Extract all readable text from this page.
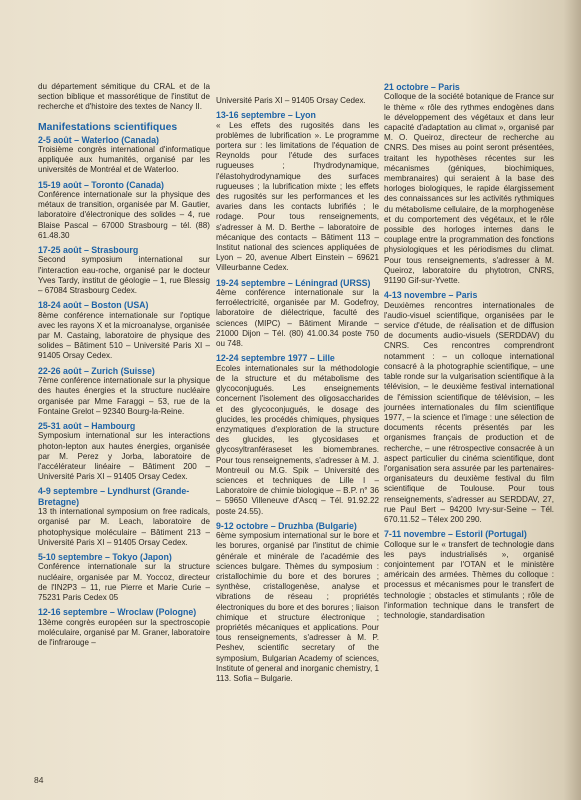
du département sémitique du CRAL et de la section biblique et massorétique de l'institut de recherche et d'histoire des textes de Nancy II.

Manifestations scientifiques

2-5 août – Waterloo (Canada)

Troisième congrès international d'informatique appliquée aux humanités, organisé par les universités de Montréal et de Waterloo.

15-19 août – Toronto (Canada)

Conférence internationale sur la physique des métaux de transition, organisée par M. Gautier, laboratoire d'électronique des solides – 4, rue Blaise Pascal – 67000 Strasbourg – tél. (88) 61.48.30

17-25 août – Strasbourg

Second symposium international sur l'interaction eau-roche, organisé par le docteur Yves Tardy, institut de géologie – 1, rue Blessig – 67084 Strasbourg Cedex.

18-24 août – Boston (USA)

8ème conférence internationale sur l'optique avec les rayons X et la microanalyse, organisée par M. Castaing, laboratoire de physique des solides – Bâtiment 510 – Université Paris XI – 91405 Orsay Cedex.

22-26 août – Zurich (Suisse)

7ème conférence internationale sur la physique des hautes énergies et la structure nucléaire organisée par Mme Faraggi – 53, rue de la Fontaine Grelot – 92340 Bourg-la-Reine.

25-31 août – Hambourg

Symposium international sur les interactions photon-lepton aux hautes énergies, organisée par M. Perez y Jorba, laboratoire de l'accélérateur linéaire – Bâtiment 200 – Université Paris XI – 91405 Orsay Cedex.

4-9 septembre – Lyndhurst (Grande-Bretagne)

13 th international symposium on free radicals, organisé par M. Leach, laboratoire de photophysique moléculaire – Bâtiment 213 – Université Paris XI – 91405 Orsay Cedex.

5-10 septembre – Tokyo (Japon)

Conférence internationale sur la structure nucléaire, organisée par M. Yoccoz, directeur de l'IN2P3 – 11, rue Pierre et Marie Curie – 75231 Paris Cedex 05

12-16 septembre – Wroclaw (Pologne)

13ème congrès européen sur la spectroscopie moléculaire, organisé par M. Graner, laboratoire de l'infrarouge –

Université Paris XI – 91405 Orsay Cedex.

13-16 septembre – Lyon

« Les effets des rugosités dans les problèmes de lubrification ». Le programme portera sur : les limitations de l'équation de Reynolds pour l'étude des surfaces rugueuses ; l'hydrodynamique, l'élastohydrodynamique des surfaces rugueuses ; la lubrification mixte ; les effets des rugosités sur les performances et les avaries dans les contacts lubrifiés ; le rodage. Pour tous renseignements, s'adresser à M. D. Berthe – laboratoire de mécanique des contacts – Bâtiment 113 – Institut national des sciences appliquées de Lyon – 20, avenue Albert Einstein – 69621 Villeurbanne Cedex.

19-24 septembre – Léningrad (URSS)

4ème conférence internationale sur la ferroélectricité, organisée par M. Godefroy, laboratoire de diélectrique, faculté des sciences (MIPC) – Bâtiment Mirande – 21000 Dijon – Tél. (80) 41.00.34 poste 750 ou 748.

12-24 septembre 1977 – Lille

Ecoles internationales sur la méthodologie de la structure et du métabolisme des glycoconjugués. Les enseignements concernent l'isolement des oligosaccharides et des glycoconjugués, le dosage des glucides, les procédés chimiques, physiques enzymatiques d'exploration de la structure des glucides, les glycosidases et glycosyltranféraseset les biomembranes. Pour tous renseignements, s'adresser à M. J. Montreuil ou M.G. Spik – Université des sciences et techniques de Lille I – Laboratoire de chimie biologique – B.P. n° 36 – 59650 Villeneuve d'Ascq – Tél. 91.92.22 poste 24.55).

9-12 octobre – Druzhba (Bulgarie)

6ème symposium international sur le bore et les borures, organisé par l'institut de chimie générale et minérale de l'académie des sciences bulgare. Thèmes du symposium : cristallochimie du bore et des borures ; synthèse, cristallogenèse, analyse et vibrations de réseau ; propriétés électroniques du bore et des borures ; liaison chimique et structure électronique ; propriétés mécaniques et applications. Pour tous renseignements, s'adresser à M. P. Peshev, scientific secretary of the symposium, Bulgarian Academy of sciences, Institute of general and inorganic chemistry, 1 113. Sofia – Bulgarie.

21 octobre – Paris

Colloque de la société botanique de France sur le thème « rôle des rythmes endogènes dans le développement des végétaux et dans leur capacité d'adaptation au climat », organisé par M. O. Queiroz, directeur de recherche au CNRS. Des mises au point seront présentées, traitant les hypothèses récentes sur les mécanismes (géniques, biochimiques, membranaires) qui seraient à la base des horloges biologiques, le rapide élargissement des connaissances sur les activités rythmiques du métabolisme cellulaire, de la morphogenèse et du comportement des végétaux, et le rôle possible des horloges internes dans le couplage entre la programmation des fonctions physiologiques et les périodismes du climat. Pour tous renseignements, s'adresser à M. Queiroz, laboratoire du phytotron, CNRS, 91190 Gif-sur-Yvette.

4-13 novembre – Paris

Deuxièmes rencontres internationales de l'audio-visuel scientifique, organisées par le service d'étude, de réalisation et de diffusion de documents audio-visuels (SERDDAV) du CNRS. Ces rencontres comprendront notamment : – un colloque international consacré à la photographie scientifique, – une table ronde sur la vulgarisation scientifique à la télévision, – le deuxième festival international de l'émission scientifique de télévision, – les journées internationales du film scientifique 1977, – la science et l'image : une sélection de documents récents présentés par les organismes français de production et de recherche, – une rétrospective consacrée à un aspect particulier du cinéma scientifique, dont l'organisation sera assurée par les partenaires-organisateurs du deuxième festival du film scientifique de Toulouse. Pour tous renseignements, s'adresser au SERDDAV, 27, rue Paul Bert – 94200 Ivry-sur-Seine – Tél. 670.11.52 – Télex 200 290.

7-11 novembre – Estoril (Portugal)

Colloque sur le « transfert de technologie dans les pays industrialisés », organisé conjointement par l'OTAN et le ministère américain des armées. Thèmes du colloque : processus et mécanismes pour le transfert de technologie ; obstacles et stimulants ; rôle de l'information technique dans le transfert de technologie, standardisation

84
